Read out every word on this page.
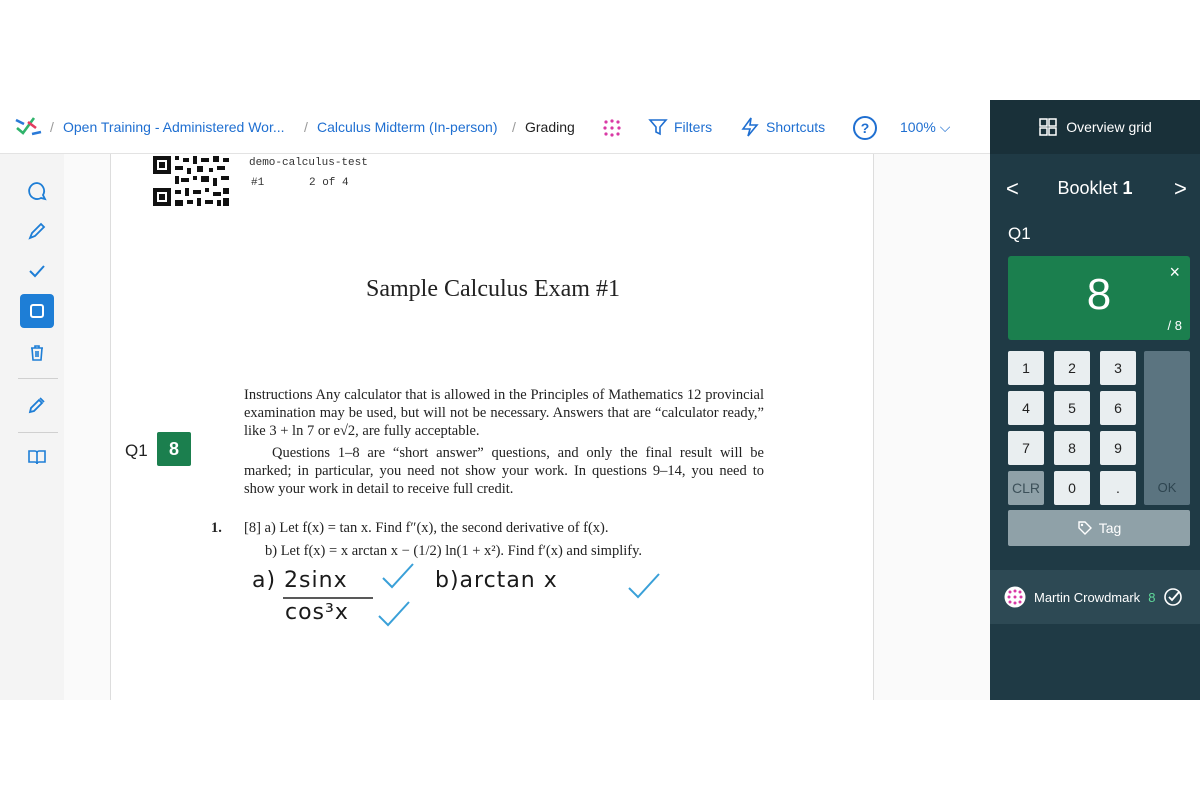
/ Open Training - Administered Wor... / Calculus Midterm (In-person) / Grading	Filters	Shortcuts	?	100% ⌵
demo-calculus-test
#1	2 of 4
Sample Calculus Exam #1

Instructions Any calculator that is allowed in the Principles of Mathematics 12 provincial examination may be used, but will not be necessary. Answers that are “calculator ready,” like 3 + ln 7 or e√2, are fully acceptable.

Questions 1–8 are “short answer” questions, and only the final result will be marked; in particular, you need not show your work. In questions 9–14, you need to show your work in detail to receive full credit.

1. [8] a) Let f(x) = tan x. Find f″(x), the second derivative of f(x).
b) Let f(x) = x arctan x − (1/2) ln(1 + x²). Find f′(x) and simplify.
a) 2sinx
cos³x
b)arctan x
Q1	8
Overview grid
<	Booklet 1	>
Q1
×
8
/ 8
1	2	3
4	5	6
7	8	9
CLR	0	.	OK
Tag
Martin Crowdmark 8
